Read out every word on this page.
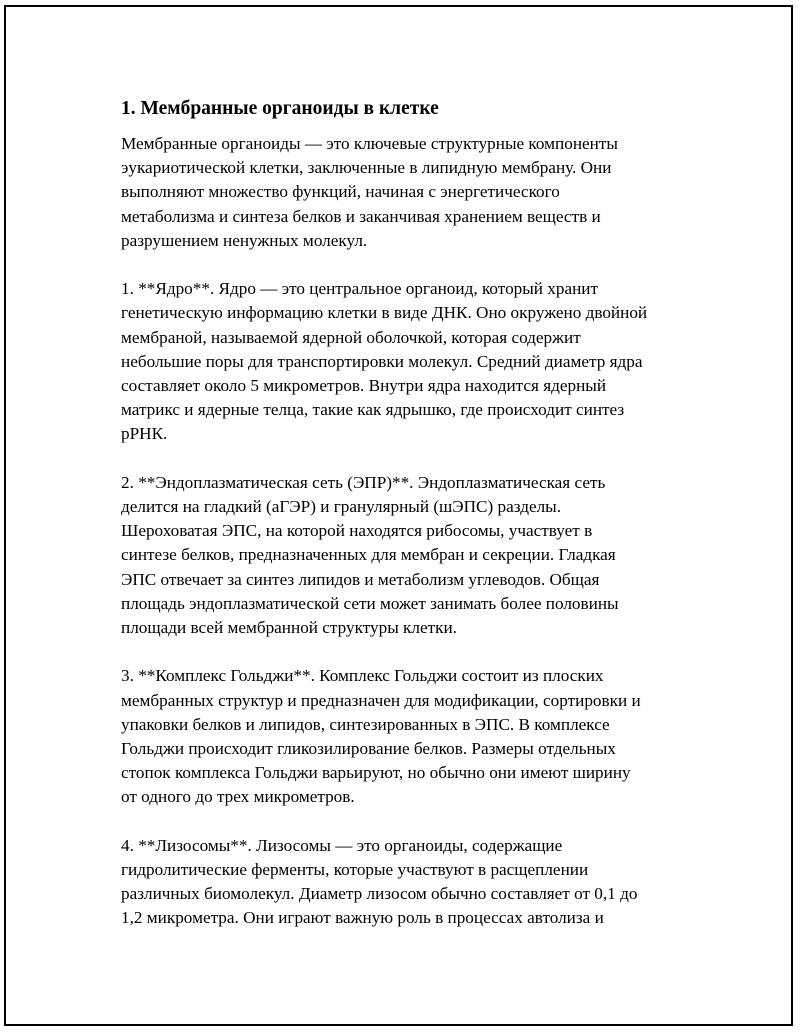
1. Мембранные органоиды в клетке
Мембранные органоиды — это ключевые структурные компоненты
эукариотической клетки, заключенные в липидную мембрану. Они
выполняют множество функций, начиная с энергетического
метаболизма и синтеза белков и заканчивая хранением веществ и
разрушением ненужных молекул.
1. **Ядро**. Ядро — это центральное органоид, который хранит
генетическую информацию клетки в виде ДНК. Оно окружено двойной
мембраной, называемой ядерной оболочкой, которая содержит
небольшие поры для транспортировки молекул. Средний диаметр ядра
составляет около 5 микрометров. Внутри ядра находится ядерный
матрикс и ядерные телца, такие как ядрышко, где происходит синтез
рРНК.
2. **Эндоплазматическая сеть (ЭПР)**. Эндоплазматическая сеть
делится на гладкий (аГЭР) и гранулярный (шЭПС) разделы.
Шероховатая ЭПС, на которой находятся рибосомы, участвует в
синтезе белков, предназначенных для мембран и секреции. Гладкая
ЭПС отвечает за синтез липидов и метаболизм углеводов. Общая
площадь эндоплазматической сети может занимать более половины
площади всей мембранной структуры клетки.
3. **Комплекс Гольджи**. Комплекс Гольджи состоит из плоских
мембранных структур и предназначен для модификации, сортировки и
упаковки белков и липидов, синтезированных в ЭПС. В комплексе
Гольджи происходит гликозилирование белков. Размеры отдельных
стопок комплекса Гольджи варьируют, но обычно они имеют ширину
от одного до трех микрометров.
4. **Лизосомы**. Лизосомы — это органоиды, содержащие
гидролитические ферменты, которые участвуют в расщеплении
различных биомолекул. Диаметр лизосом обычно составляет от 0,1 до
1,2 микрометра. Они играют важную роль в процессах автолиза и
